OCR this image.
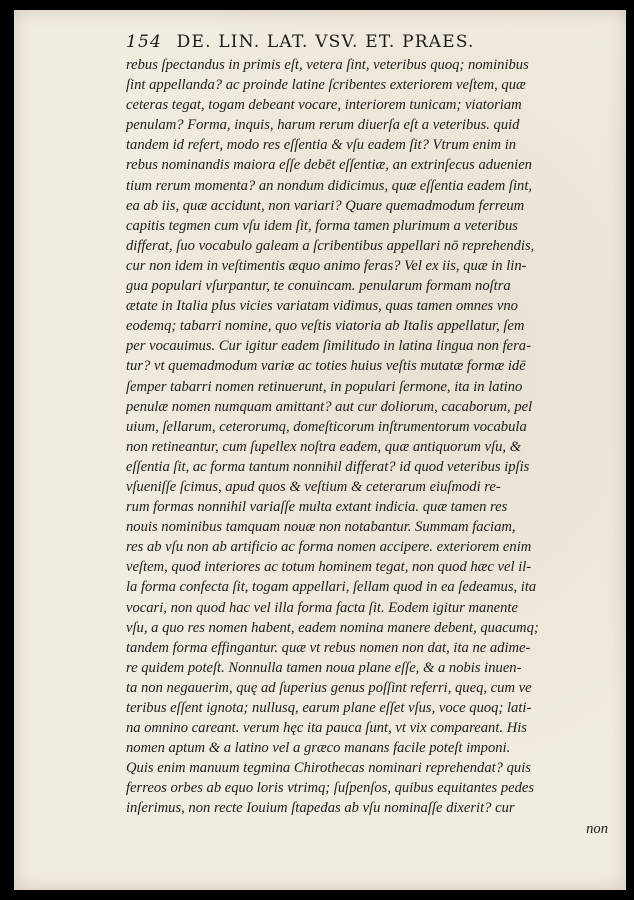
154 DE. LIN. LAT. VSV. ET. PRAES.
rebus ſpectandus in primis eſt, vetera ſint, veteribus quoq; nominibus
ſint appellanda? ac proinde latine ſcribentes exteriorem veſtem, quæ
ceteras tegat, togam debeant vocare, interiorem tunicam; viatoriam
penulam? Forma, inquis, harum rerum diuerſa eſt a veteribus. quid
tandem id refert, modo res eſſentia & vſu eadem ſit? Vtrum enim in
rebus nominandis maiora eſſe debēt eſſentiæ, an extrinſecus aduenien
tium rerum momenta? an nondum didicimus, quæ eſſentia eadem ſint,
ea ab iis, quæ accidunt, non variari? Quare quemadmodum ferreum
capitis tegmen cum vſu idem ſit, forma tamen plurimum a veteribus
differat, ſuo vocabulo galeam a ſcribentibus appellari nō reprehendis,
cur non idem in veſtimentis æquo animo feras? Vel ex iis, quæ in lin-
gua populari vſurpantur, te conuincam. penularum formam noſtra
ætate in Italia plus vicies variatam vidimus, quas tamen omnes vno
eodemq; tabarri nomine, quo veſtis viatoria ab Italis appellatur, ſem
per vocauimus. Cur igitur eadem ſimilitudo in latina lingua non fera-
tur? vt quemadmodum variæ ac toties huius veſtis mutatæ formæ idē
ſemper tabarri nomen retinuerunt, in populari ſermone, ita in latino
penulæ nomen numquam amittant? aut cur doliorum, cacaborum, pel
uium, ſellarum, ceterorumq, domeſticorum inſtrumentorum vocabula
non retineantur, cum ſupellex noſtra eadem, quæ antiquorum vſu, &
eſſentia ſit, ac forma tantum nonnihil differat? id quod veteribus ipſis
vſueniſſe ſcimus, apud quos & veſtium & ceterarum eiuſmodi re-
rum formas nonnihil variaſſe multa extant indicia. quæ tamen res
nouis nominibus tamquam nouæ non notabantur. Summam faciam,
res ab vſu non ab artificio ac forma nomen accipere. exteriorem enim
veſtem, quod interiores ac totum hominem tegat, non quod hæc vel il-
la forma confecta ſit, togam appellari, ſellam quod in ea ſedeamus, ita
vocari, non quod hac vel illa forma facta ſit. Eodem igitur manente
vſu, a quo res nomen habent, eadem nomina manere debent, quacumq;
tandem forma effingantur. quæ vt rebus nomen non dat, ita ne adime-
re quidem poteſt. Nonnulla tamen noua plane eſſe, & a nobis inuen-
ta non negauerim, quę ad ſuperius genus poſſint referri, queq, cum ve
teribus eſſent ignota; nullusq, earum plane eſſet vſus, voce quoq; lati-
na omnino careant. verum hęc ita pauca ſunt, vt vix compareant. His
nomen aptum & a latino vel a græco manans facile poteſt imponi.
Quis enim manuum tegmina Chirothecas nominari reprehendat? quis
ferreos orbes ab equo loris vtrimq; ſuſpenſos, quibus equitantes pedes
inſerimus, non recte Iouium ſtapedas ab vſu nominaſſe dixerit? cur
non
